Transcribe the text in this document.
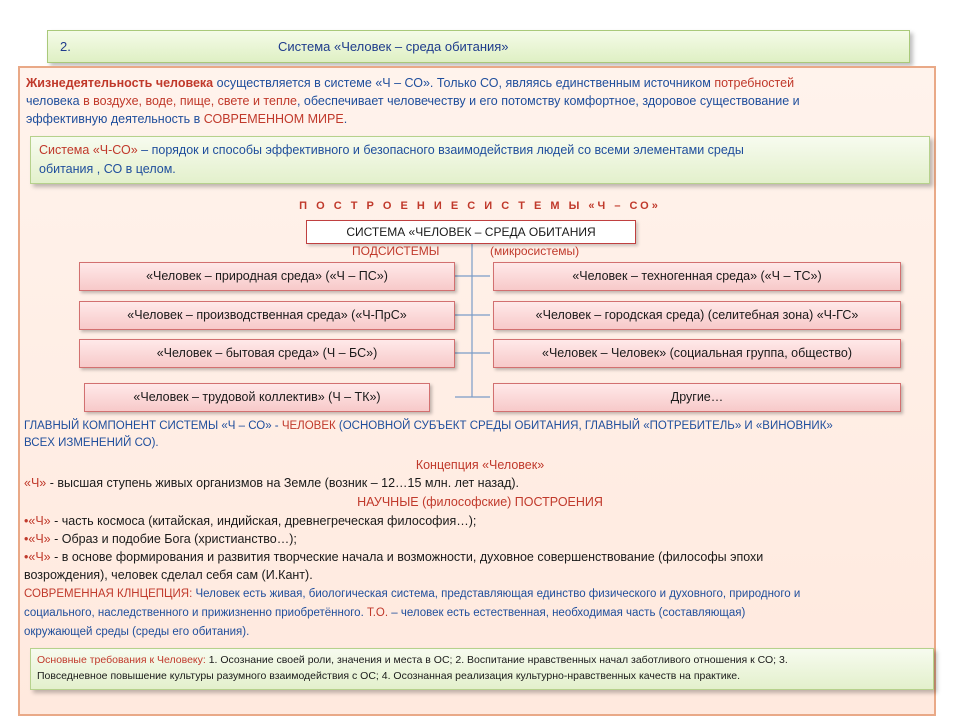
2.	Система «Человек – среда обитания»
Жизнедеятельность человека осуществляется в системе «Ч – СО». Только СО, являясь единственным источником потребностей
человека в воздухе, воде, пище, свете и тепле, обеспечивает человечеству и его потомству комфортное, здоровое существование и
эффективную деятельность в СОВРЕМЕННОМ МИРЕ.
Система «Ч-СО» – порядок и способы эффективного и безопасного взаимодействия людей со всеми элементами среды
обитания , СО в целом.
П О С Т Р О Е Н И Е С И С Т Е М Ы «Ч – СО»
СИСТЕМА «ЧЕЛОВЕК – СРЕДА ОБИТАНИЯ
ПОДСИСТЕМЫ	(микросистемы)
«Человек – природная среда» («Ч – ПС»)
«Человек – производственная среда» («Ч-ПрС»
«Человек – бытовая среда» (Ч – БС»)
«Человек – трудовой коллектив» (Ч – ТК»)
«Человек – техногенная среда» («Ч – ТС»)
«Человек – городская среда) (селитебная зона) «Ч-ГС»
«Человек – Человек» (социальная группа, общество)
Другие…
ГЛАВНЫЙ КОМПОНЕНТ СИСТЕМЫ «Ч – СО» - ЧЕЛОВЕК (ОСНОВНОЙ СУБЪЕКТ СРЕДЫ ОБИТАНИЯ, ГЛАВНЫЙ «ПОТРЕБИТЕЛЬ» И «ВИНОВНИК»
ВСЕХ ИЗМЕНЕНИЙ СО).
Концепция «Человек»
«Ч» - высшая ступень живых организмов на Земле (возник – 12…15 млн. лет назад).
НАУЧНЫЕ (философские) ПОСТРОЕНИЯ
•«Ч» - часть космоса (китайская, индийская, древнегреческая философия…);
•«Ч» - Образ и подобие Бога (христианство…);
•«Ч» - в основе формирования и развития творческие начала и возможности, духовное совершенствование (философы эпохи
возрождения), человек сделал себя сам (И.Кант).
СОВРЕМЕННАЯ КЛНЦЕПЦИЯ: Человек есть живая, биологическая система, представляющая единство физического и духовного, природного и
социального, наследственного и прижизненно приобретённого. Т.О. – человек есть естественная, необходимая часть (составляющая)
окружающей среды (среды его обитания).
Основные требования к Человеку: 1. Осознание своей роли, значения и места в ОС; 2. Воспитание нравственных начал заботливого отношения к СО; 3.
Повседневное повышение культуры разумного взаимодействия с ОС; 4. Осознанная реализация культурно-нравственных качеств на практике.
